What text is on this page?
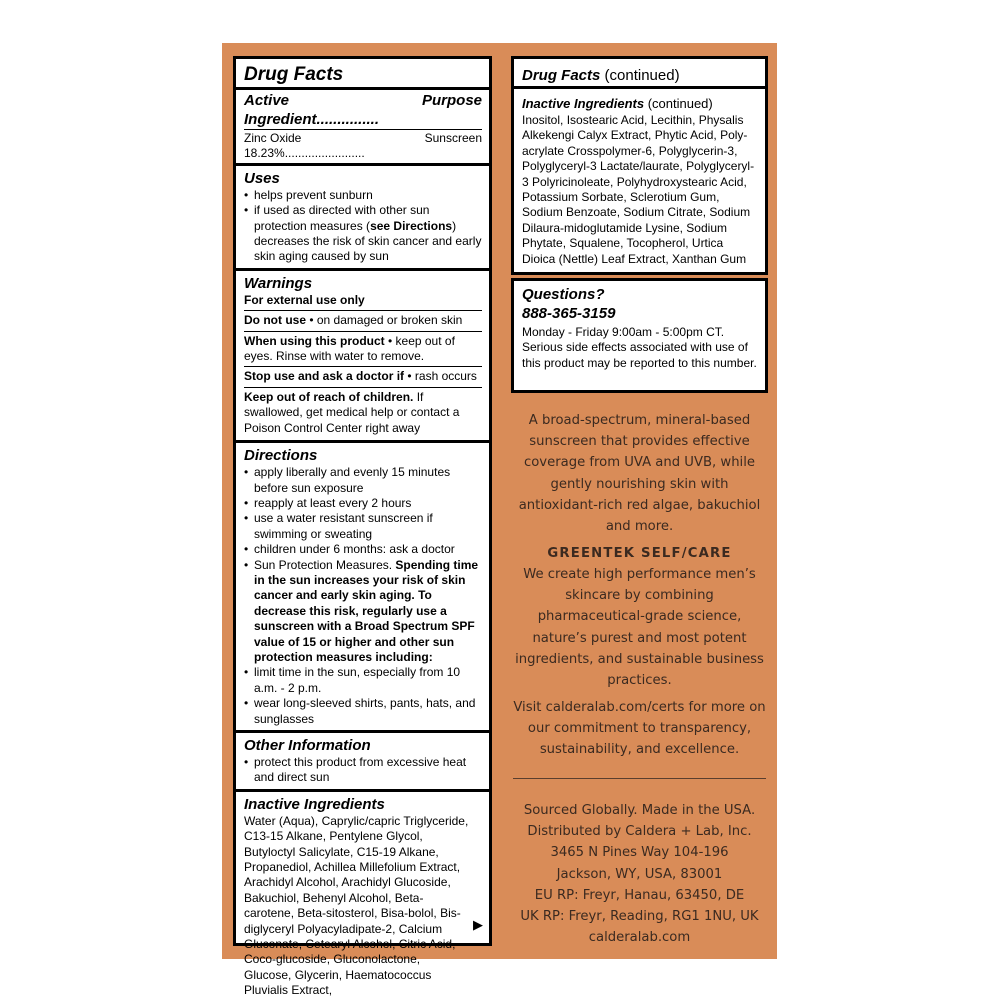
Drug Facts
Active Ingredient...............
Purpose
Zinc Oxide 18.23%........................
Sunscreen
Uses
• helps prevent sunburn
• if used as directed with other sun protection measures (see Directions) decreases the risk of skin cancer and early skin aging caused by sun
Warnings
For external use only
Do not use • on damaged or broken skin
When using this product • keep out of eyes. Rinse with water to remove.
Stop use and ask a doctor if • rash occurs
Keep out of reach of children. If swallowed, get medical help or contact a Poison Control Center right away
Directions
• apply liberally and evenly 15 minutes before sun exposure
• reapply at least every 2 hours
• use a water resistant sunscreen if swimming or sweating
• children under 6 months: ask a doctor
• Sun Protection Measures. Spending time in the sun increases your risk of skin cancer and early skin aging. To decrease this risk, regularly use a sunscreen with a Broad Spectrum SPF value of 15 or higher and other sun protection measures including:
• limit time in the sun, especially from 10 a.m. - 2 p.m.
• wear long-sleeved shirts, pants, hats, and sunglasses
Other Information
• protect this product from excessive heat and direct sun
Inactive Ingredients
Water (Aqua), Caprylic/capric Triglyceride, C13-15 Alkane, Pentylene Glycol, Butyloctyl Salicylate, C15-19 Alkane, Propanediol, Achillea Millefolium Extract, Arachidyl Alcohol, Arachidyl Glucoside, Bakuchiol, Behenyl Alcohol, Beta-carotene, Beta-sitosterol, Bisa-bolol, Bis-diglyceryl Polyacyladipate-2, Calcium Gluconate, Cetearyl Alcohol, Citric Acid, Coco-glucoside, Gluconolactone, Glucose, Glycerin, Haematococcus Pluvialis Extract,
▶
Drug Facts (continued)
Inactive Ingredients (continued)
Inositol, Isostearic Acid, Lecithin, Physalis Alkekengi Calyx Extract, Phytic Acid, Poly-acrylate Crosspolymer-6, Polyglycerin-3, Polyglyceryl-3 Lactate/laurate, Polyglyceryl-3 Polyricinoleate, Polyhydroxystearic Acid, Potassium Sorbate, Sclerotium Gum, Sodium Benzoate, Sodium Citrate, Sodium Dilaura-midoglutamide Lysine, Sodium Phytate, Squalene, Tocopherol, Urtica Dioica (Nettle) Leaf Extract, Xanthan Gum
Questions?
888-365-3159
Monday - Friday 9:00am - 5:00pm CT. Serious side effects associated with use of this product may be reported to this number.
A broad-spectrum, mineral-based sunscreen that provides effective coverage from UVA and UVB, while gently nourishing skin with antioxidant-rich red algae, bakuchiol and more.
GREENTEK SELF/CARE
We create high performance men’s skincare by combining pharmaceutical-grade science, nature’s purest and most potent ingredients, and sustainable business practices.
Visit calderalab.com/certs for more on our commitment to transparency, sustainability, and excellence.
Sourced Globally. Made in the USA.
Distributed by Caldera + Lab, Inc.
3465 N Pines Way 104-196
Jackson, WY, USA, 83001
EU RP: Freyr, Hanau, 63450, DE
UK RP: Freyr, Reading, RG1 1NU, UK
calderalab.com
